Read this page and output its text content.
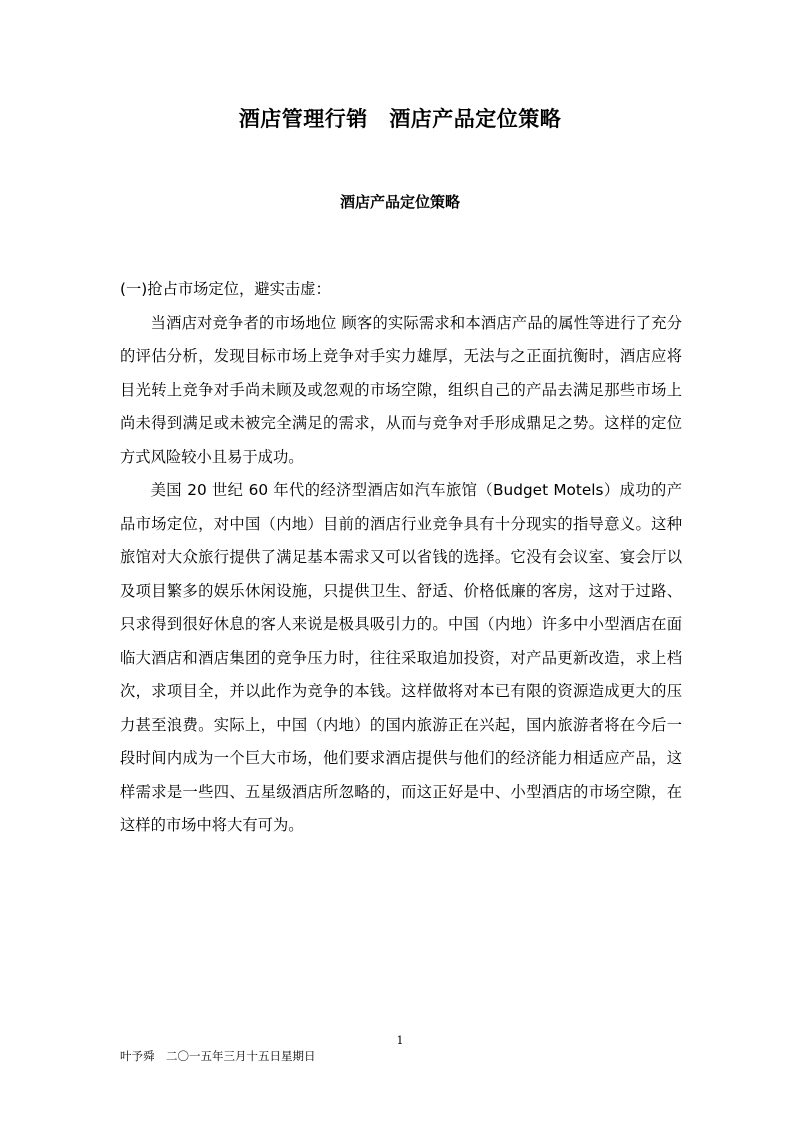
酒店管理行销　酒店产品定位策略
酒店产品定位策略

(一)抢占市场定位，避实击虚：

当酒店对竞争者的市场地位 顾客的实际需求和本酒店产品的属性等进行了充分的评估分析，发现目标市场上竞争对手实力雄厚，无法与之正面抗衡时，酒店应将目光转上竞争对手尚未顾及或忽观的市场空隙，组织自己的产品去满足那些市场上尚未得到满足或未被完全满足的需求，从而与竞争对手形成鼎足之势。这样的定位方式风险较小且易于成功。

美国 20 世纪 60 年代的经济型酒店如汽车旅馆（Budget Motels）成功的产品市场定位，对中国（内地）目前的酒店行业竞争具有十分现实的指导意义。这种旅馆对大众旅行提供了满足基本需求又可以省钱的选择。它没有会议室、宴会厅以及项目繁多的娱乐休闲设施，只提供卫生、舒适、价格低廉的客房，这对于过路、只求得到很好休息的客人来说是极具吸引力的。中国（内地）许多中小型酒店在面临大酒店和酒店集团的竞争压力时，往往采取追加投资，对产品更新改造，求上档次，求项目全，并以此作为竞争的本钱。这样做将对本已有限的资源造成更大的压力甚至浪费。实际上，中国（内地）的国内旅游正在兴起，国内旅游者将在今后一段时间内成为一个巨大市场，他们要求酒店提供与他们的经济能力相适应产品，这样需求是一些四、五星级酒店所忽略的，而这正好是中、小型酒店的市场空隙，在这样的市场中将大有可为。

1
叶予舜　二〇一五年三月十五日星期日
